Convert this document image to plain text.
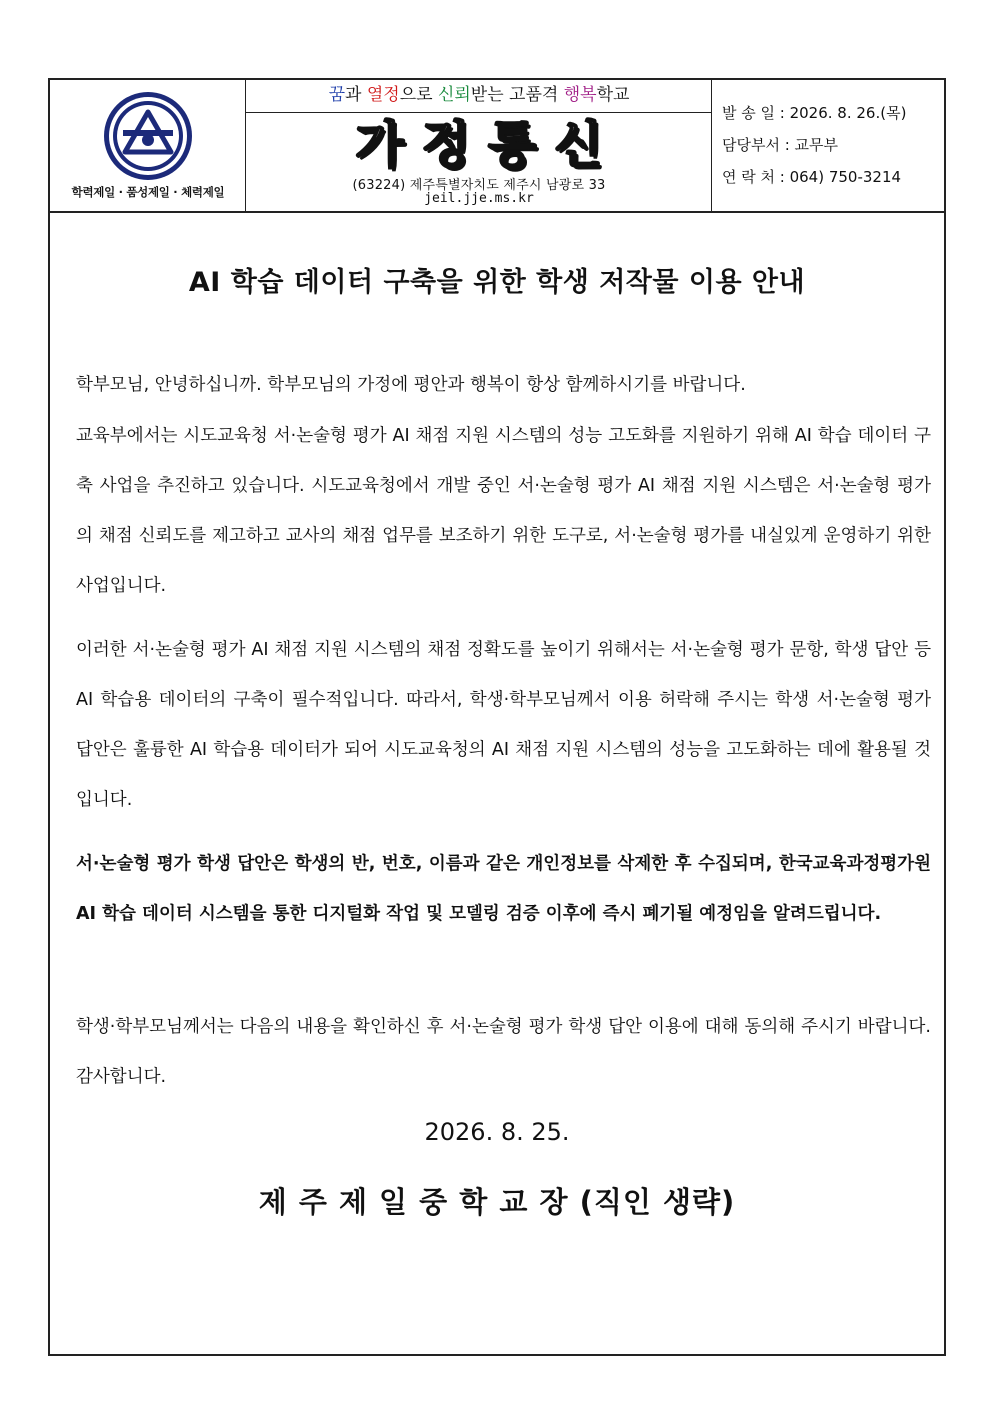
학력제일 · 품성제일 · 체력제일
꿈과 열정으로 신뢰받는 고품격 행복학교
가정통신
(63224) 제주특별자치도 제주시 남광로 33
jeil.jje.ms.kr
발 송 일 : 2026. 8. 26.(목)
담당부서 : 교무부
연 락 처 : 064) 750-3214
AI 학습 데이터 구축을 위한 학생 저작물 이용 안내
학부모님, 안녕하십니까. 학부모님의 가정에 평안과 행복이 항상 함께하시기를 바랍니다.
교육부에서는 시도교육청 서·논술형 평가 AI 채점 지원 시스템의 성능 고도화를 지원하기 위해 AI 학습 데이터 구축 사업을 추진하고 있습니다. 시도교육청에서 개발 중인 서·논술형 평가 AI 채점 지원 시스템은 서·논술형 평가의 채점 신뢰도를 제고하고 교사의 채점 업무를 보조하기 위한 도구로, 서·논술형 평가를 내실있게 운영하기 위한 사업입니다.
이러한 서·논술형 평가 AI 채점 지원 시스템의 채점 정확도를 높이기 위해서는 서·논술형 평가 문항, 학생 답안 등 AI 학습용 데이터의 구축이 필수적입니다. 따라서, 학생·학부모님께서 이용 허락해 주시는 학생 서·논술형 평가 답안은 훌륭한 AI 학습용 데이터가 되어 시도교육청의 AI 채점 지원 시스템의 성능을 고도화하는 데에 활용될 것입니다.
서·논술형 평가 학생 답안은 학생의 반, 번호, 이름과 같은 개인정보를 삭제한 후 수집되며, 한국교육과정평가원 AI 학습 데이터 시스템을 통한 디지털화 작업 및 모델링 검증 이후에 즉시 폐기될 예정임을 알려드립니다.
학생·학부모님께서는 다음의 내용을 확인하신 후 서·논술형 평가 학생 답안 이용에 대해 동의해 주시기 바랍니다. 감사합니다.
2026. 8. 25.
제 주 제 일 중 학 교 장 (직인 생략)
